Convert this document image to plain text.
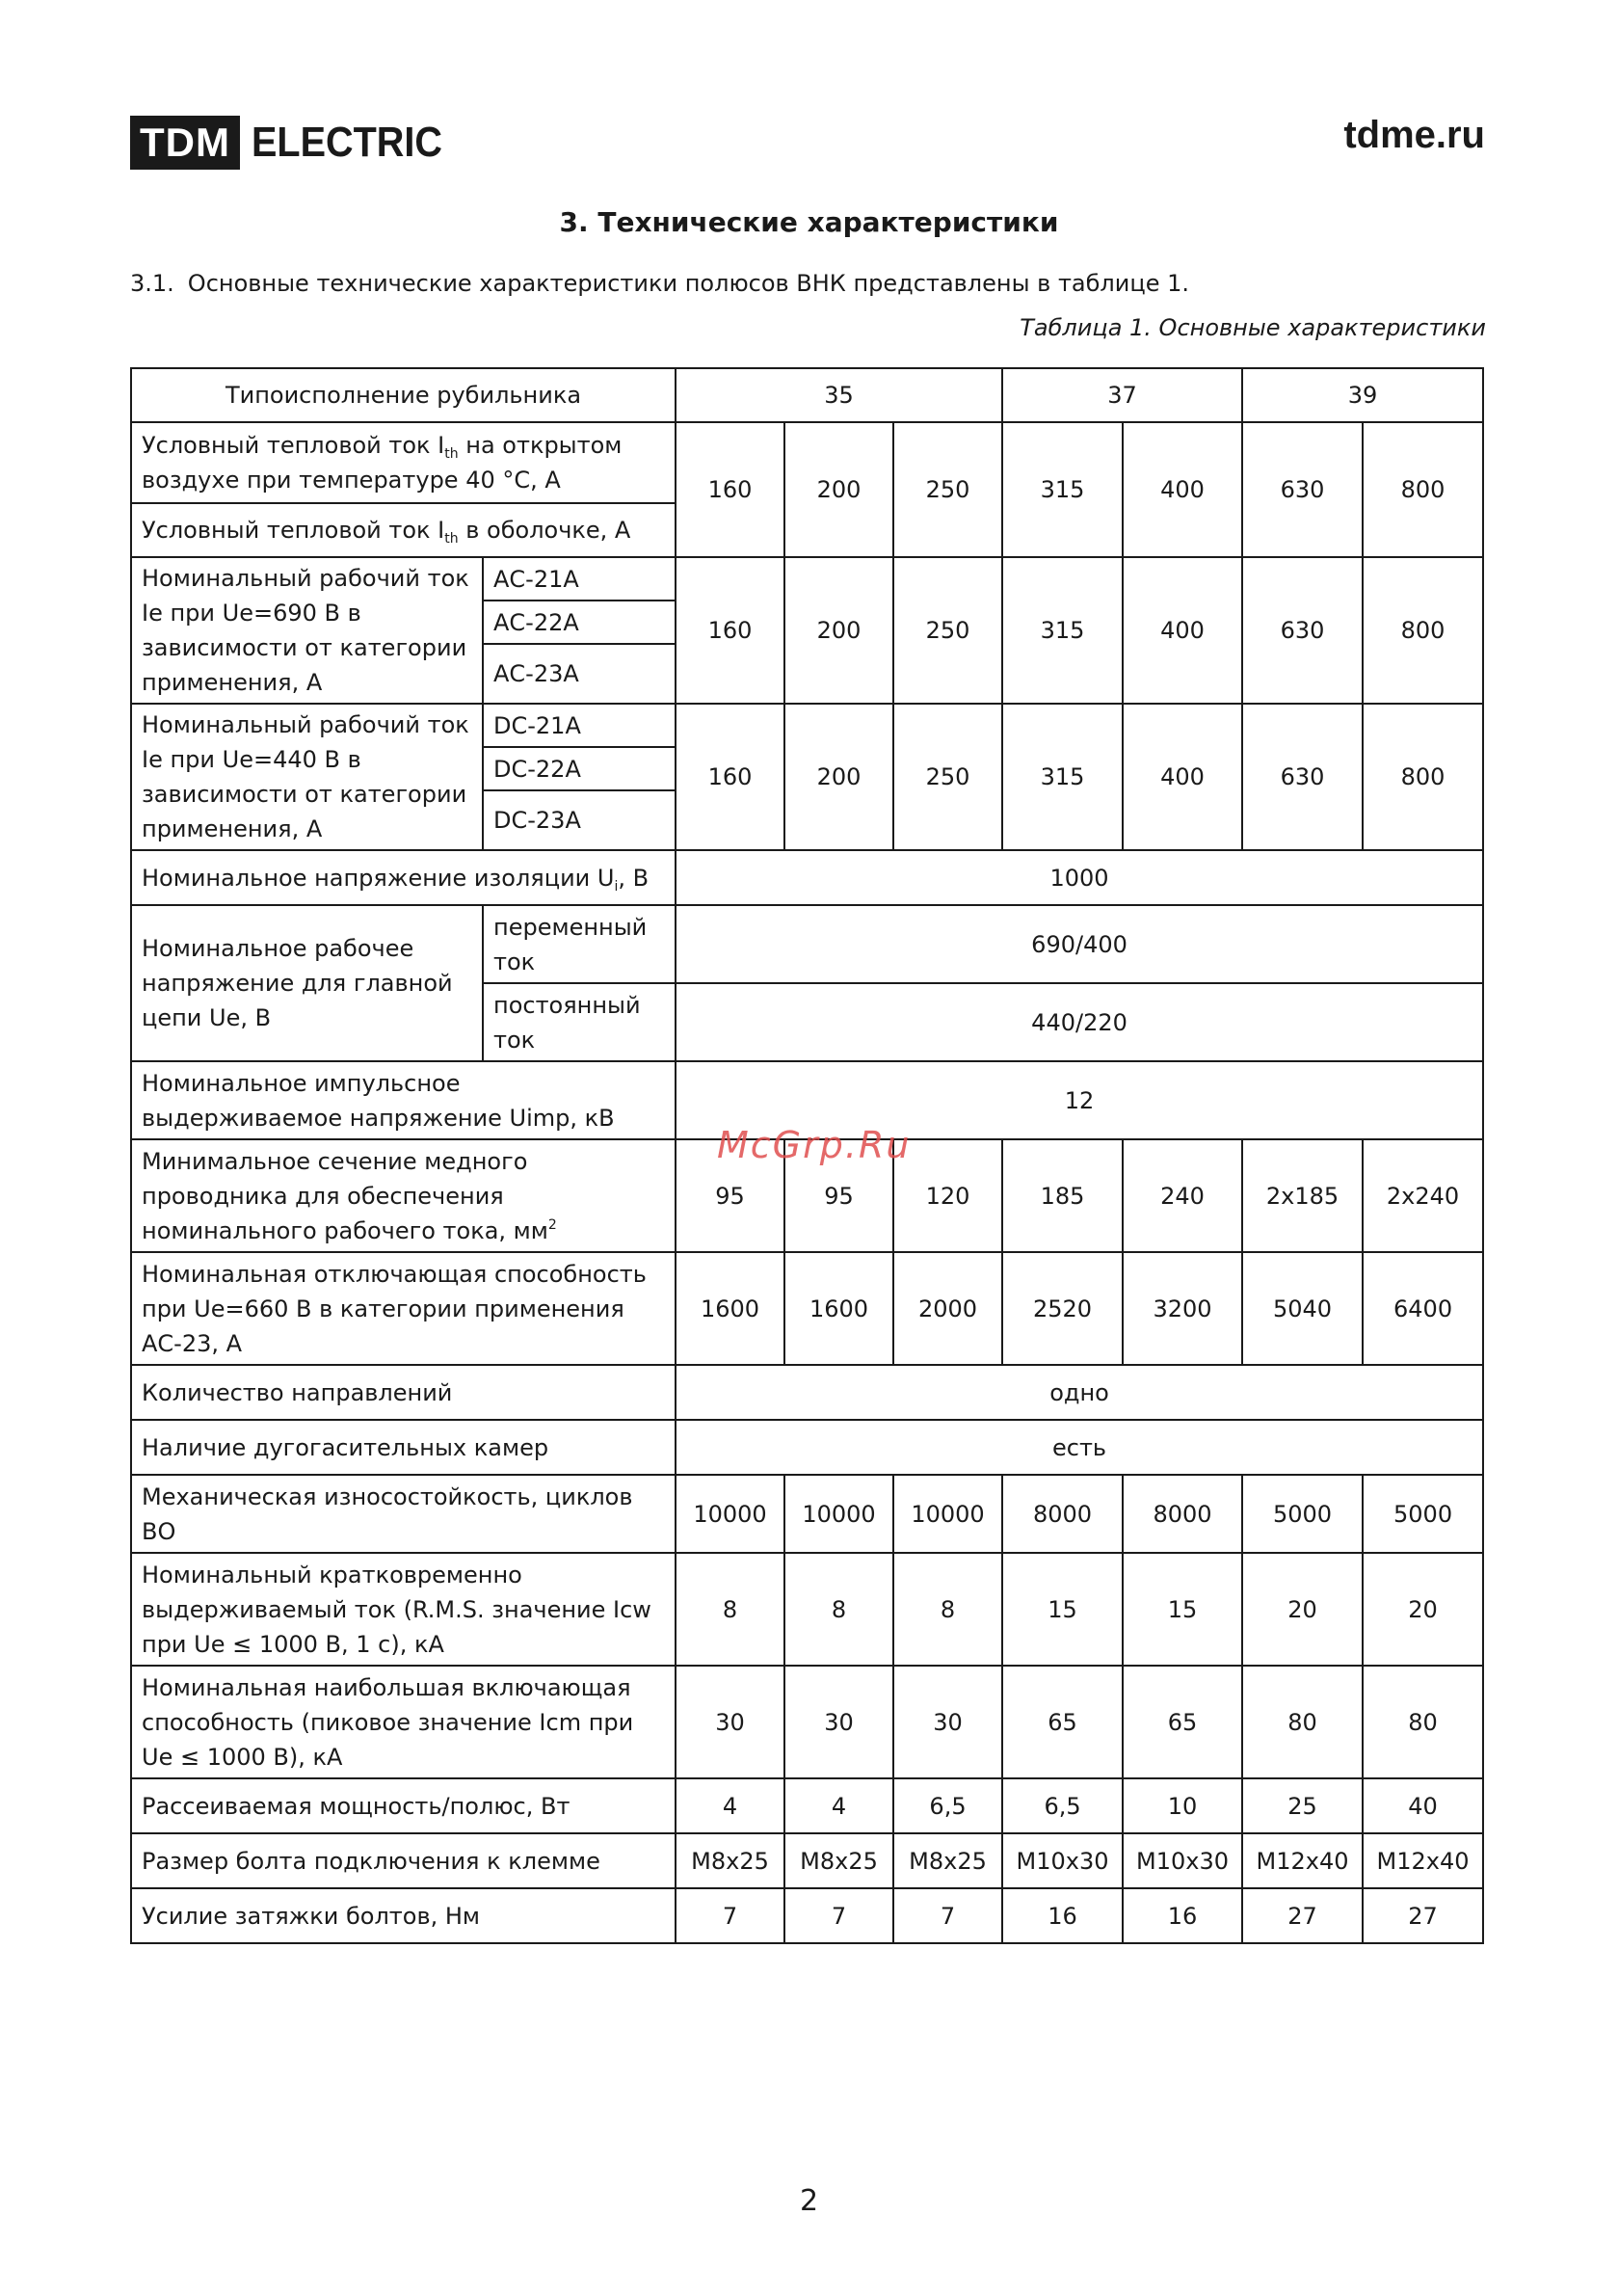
TDM ELECTRIC	tdme.ru
3. Технические характеристики
3.1. Основные технические характеристики полюсов ВНК представлены в таблице 1.
Таблица 1. Основные характеристики
Типоисполнение рубильника		35			37		39	
Условный тепловой ток $I_{th}$ на открытом воздухе при температуре 40 °С, А		160	200	250	315	400	630	800
Условный тепловой ток $I_{th}$ в оболочке, А								
Номинальный рабочий ток Ie при Ue=690 В в зависимости от категории применения, А	АС-21А	160	200	250	315	400	630	800
	АС-22А							
	АС-23А							
Номинальный рабочий ток Ie при Ue=440 В в зависимости от категории применения, А	DC-21A	160	200	250	315	400	630	800
	DC-22A							
	DC-23A							
Номинальное напряжение изоляции $U_i$, В		1000						
Номинальное рабочее напряжение для главной цепи Ue, В	переменный ток	690/400						
	постоянный ток	440/220						
Номинальное импульсное выдерживаемое напряжение Uimp, кВ		12						
Минимальное сечение медного проводника для обеспечения номинального рабочего тока, $мм^2$		95	95	120	185	240	2x185	2x240
Номинальная отключающая способность при Ue=660 В в категории применения АС-23, А		1600	1600	2000	2520	3200	5040	6400
Количество направлений		одно						
Наличие дугогасительных камер		есть						
Механическая износостойкость, циклов ВО		10000	10000	10000	8000	8000	5000	5000
Номинальный кратковременно выдерживаемый ток (R.M.S. значение Icw при Ue ≤ 1000 В, 1 с), кА		8	8	8	15	15	20	20
Номинальная наибольшая включающая способность (пиковое значение Icm при Ue ≤ 1000 В), кА		30	30	30	65	65	80	80
Рассеиваемая мощность/полюс, Вт		4	4	6,5	6,5	10	25	40
Размер болта подключения к клемме		M8x25	M8x25	M8x25	M10x30	M10x30	M12x40	M12x40
Усилие затяжки болтов, Нм		7	7	7	16	16	27	27
McGrp.Ru
2
